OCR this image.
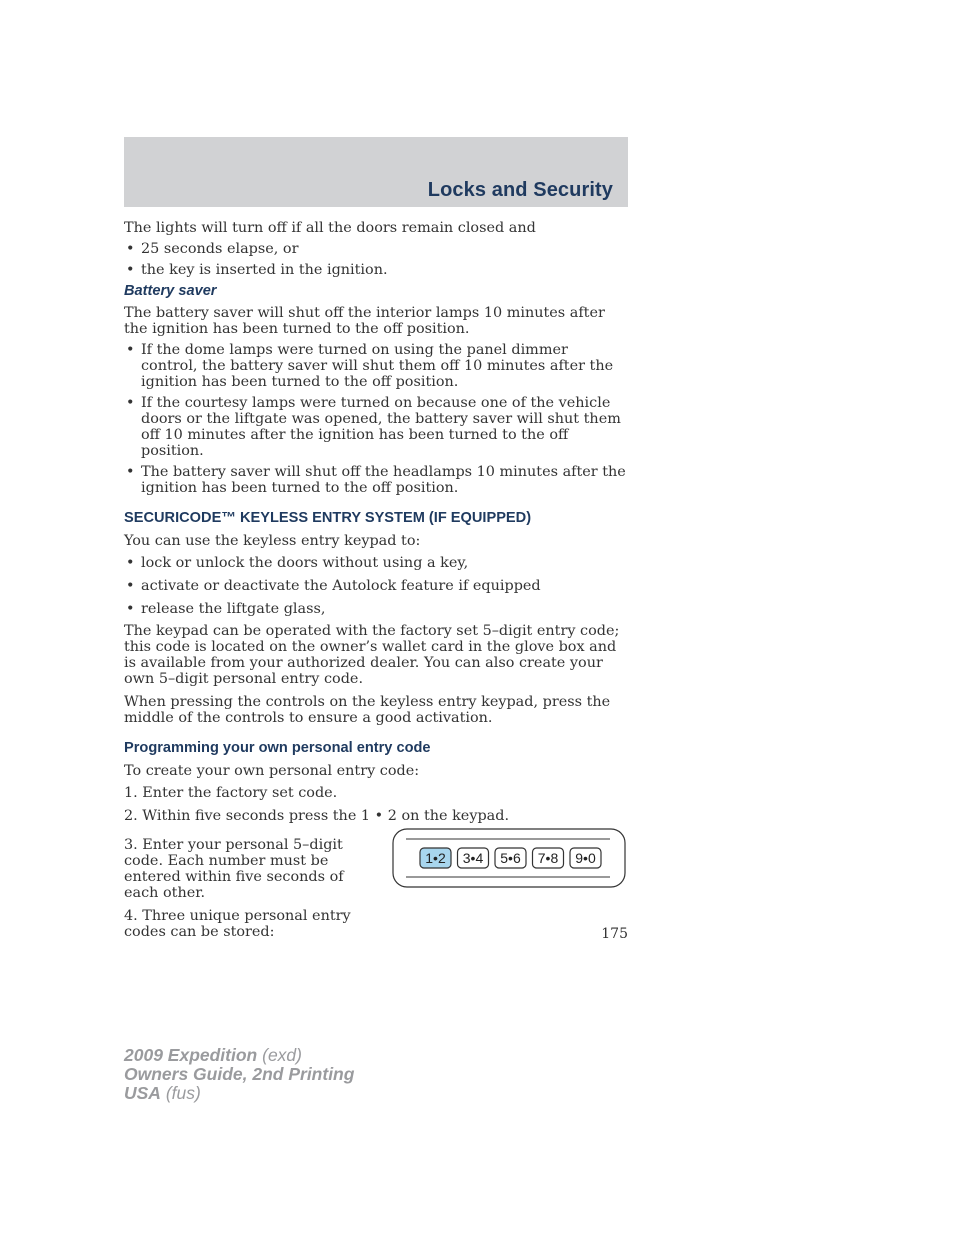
Locks and Security

The lights will turn off if all the doors remain closed and

• 25 seconds elapse, or
• the key is inserted in the ignition.
Battery saver

The battery saver will shut off the interior lamps 10 minutes after the ignition has been turned to the off position.

• If the dome lamps were turned on using the panel dimmer control, the battery saver will shut them off 10 minutes after the ignition has been turned to the off position.
• If the courtesy lamps were turned on because one of the vehicle doors or the liftgate was opened, the battery saver will shut them off 10 minutes after the ignition has been turned to the off position.
• The battery saver will shut off the headlamps 10 minutes after the ignition has been turned to the off position.
SECURICODE™ KEYLESS ENTRY SYSTEM (IF EQUIPPED)

You can use the keyless entry keypad to:

• lock or unlock the doors without using a key,
• activate or deactivate the Autolock feature if equipped
• release the liftgate glass,

The keypad can be operated with the factory set 5–digit entry code; this code is located on the owner’s wallet card in the glove box and is available from your authorized dealer. You can also create your own 5–digit personal entry code.

When pressing the controls on the keyless entry keypad, press the middle of the controls to ensure a good activation.

Programming your own personal entry code

To create your own personal entry code:

1. Enter the factory set code.
2. Within five seconds press the 1 • 2 on the keypad.
3. Enter your personal 5–digit code. Each number must be entered within five seconds of each other.
4. Three unique personal entry codes can be stored:
1•2 3•4 5•6 7•8 9•0
175
2009 Expedition (exd)
Owners Guide, 2nd Printing
USA (fus)
